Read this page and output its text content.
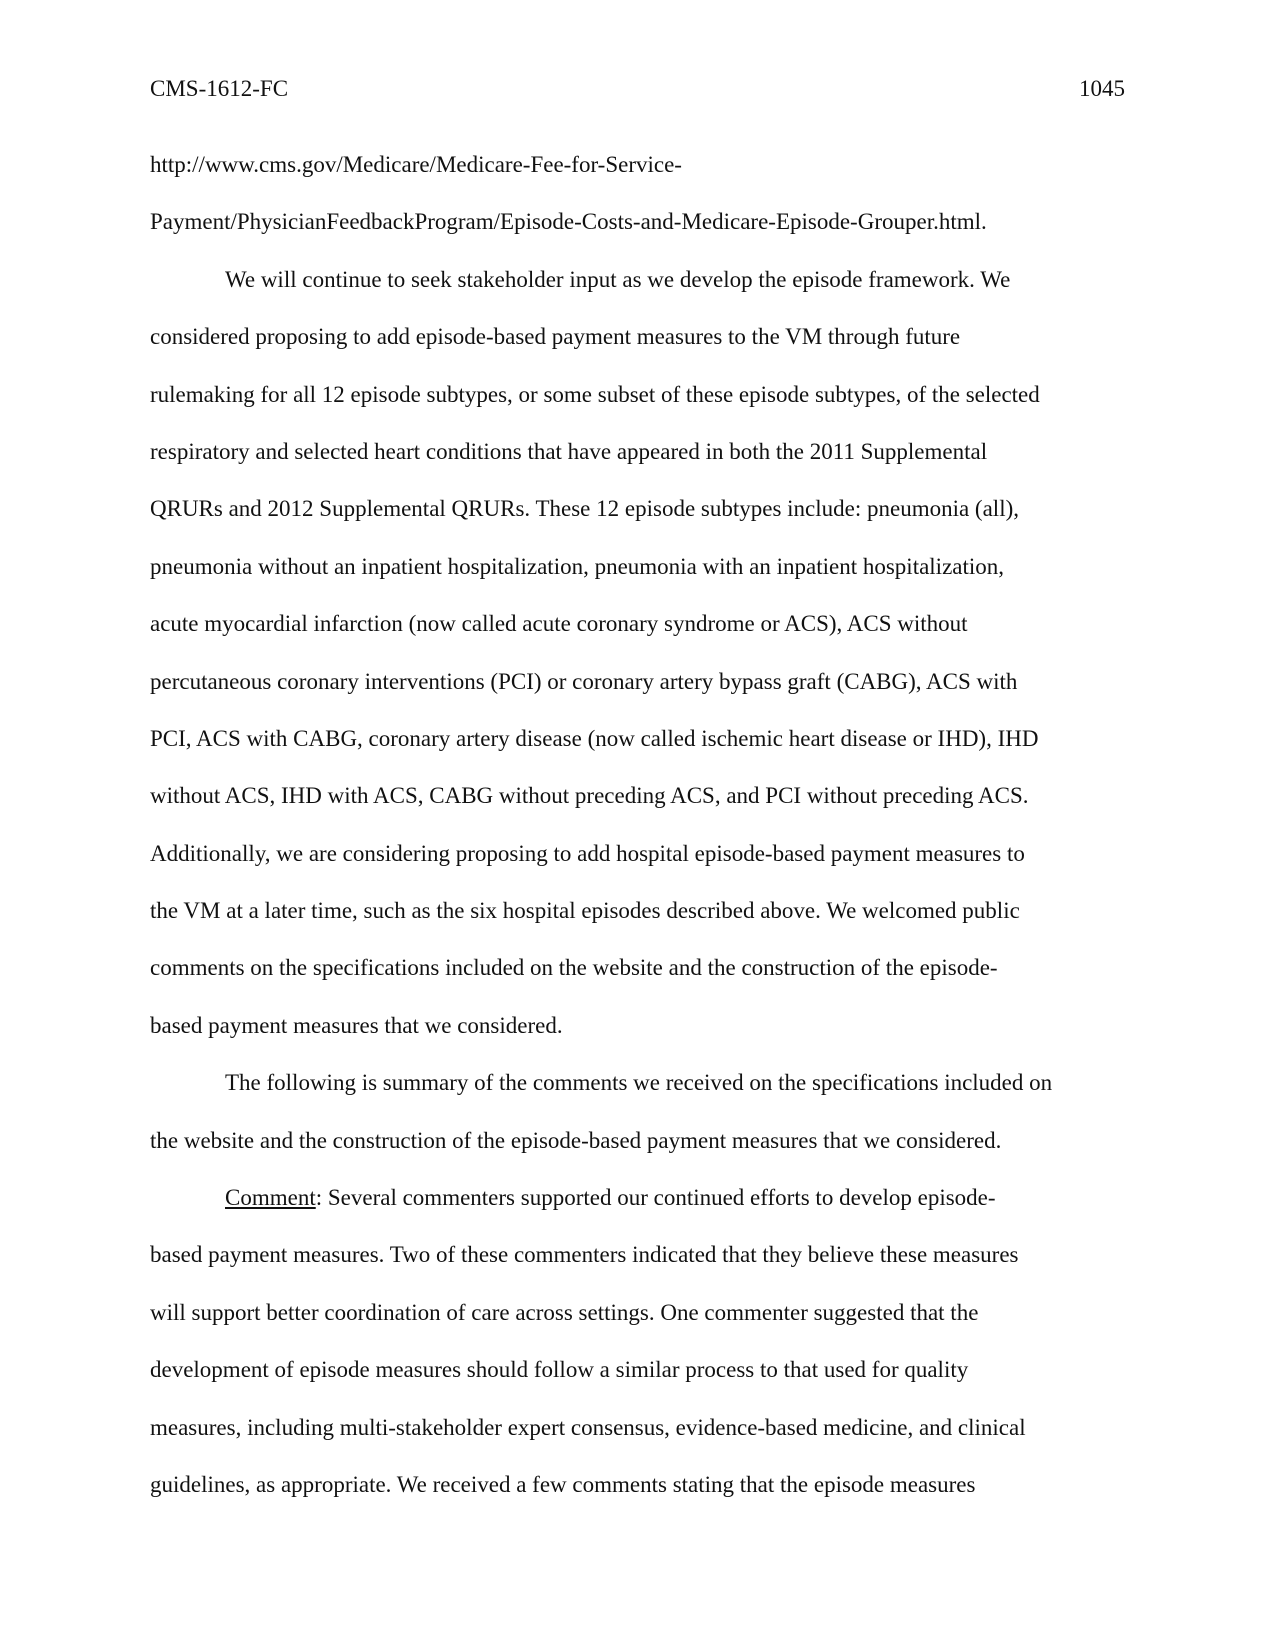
CMS-1612-FC	1045
http://www.cms.gov/Medicare/Medicare-Fee-for-Service-
Payment/PhysicianFeedbackProgram/Episode-Costs-and-Medicare-Episode-Grouper.html.
We will continue to seek stakeholder input as we develop the episode framework. We
considered proposing to add episode-based payment measures to the VM through future
rulemaking for all 12 episode subtypes, or some subset of these episode subtypes, of the selected
respiratory and selected heart conditions that have appeared in both the 2011 Supplemental
QRURs and 2012 Supplemental QRURs. These 12 episode subtypes include: pneumonia (all),
pneumonia without an inpatient hospitalization, pneumonia with an inpatient hospitalization,
acute myocardial infarction (now called acute coronary syndrome or ACS), ACS without
percutaneous coronary interventions (PCI) or coronary artery bypass graft (CABG), ACS with
PCI, ACS with CABG, coronary artery disease (now called ischemic heart disease or IHD), IHD
without ACS, IHD with ACS, CABG without preceding ACS, and PCI without preceding ACS.
Additionally, we are considering proposing to add hospital episode-based payment measures to
the VM at a later time, such as the six hospital episodes described above. We welcomed public
comments on the specifications included on the website and the construction of the episode-
based payment measures that we considered.
The following is summary of the comments we received on the specifications included on
the website and the construction of the episode-based payment measures that we considered.
Comment: Several commenters supported our continued efforts to develop episode-
based payment measures. Two of these commenters indicated that they believe these measures
will support better coordination of care across settings. One commenter suggested that the
development of episode measures should follow a similar process to that used for quality
measures, including multi-stakeholder expert consensus, evidence-based medicine, and clinical
guidelines, as appropriate. We received a few comments stating that the episode measures
